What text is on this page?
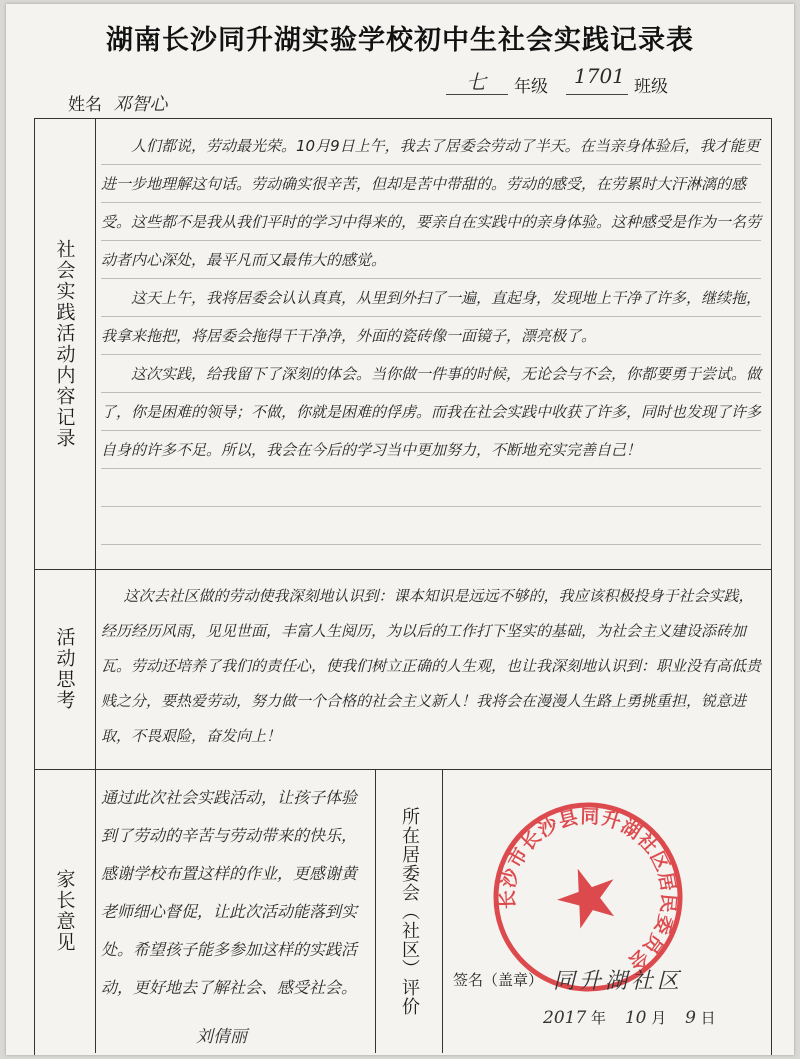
湖南长沙同升湖实验学校初中生社会实践记录表
七 年级 1701 班级
姓名 邓智心
社会实践活动内容记录

人们都说，劳动最光荣。10月9日上午，我去了居委会劳动了半天。在当亲身体验后，我才能更进一步地理解这句话。劳动确实很辛苦，但却是苦中带甜的。劳动的感受，在劳累时大汗淋漓的感受。这些都不是我从我们平时的学习中得来的，要亲自在实践中的亲身体验。这种感受是作为一名劳动者内心深处，最平凡而又最伟大的感觉。

这天上午，我将居委会认认真真，从里到外扫了一遍，直起身，发现地上干净了许多，继续拖，我拿来拖把，将居委会拖得干干净净，外面的瓷砖像一面镜子，漂亮极了。

这次实践，给我留下了深刻的体会。当你做一件事的时候，无论会与不会，你都要勇于尝试。做了，你是困难的领导；不做，你就是困难的俘虏。而我在社会实践中收获了许多，同时也发现了许多自身的许多不足。所以，我会在今后的学习当中更加努力，不断地充实完善自己！

活动思考

这次去社区做的劳动使我深刻地认识到：课本知识是远远不够的，我应该积极投身于社会实践，经历经历风雨，见见世面，丰富人生阅历，为以后的工作打下坚实的基础，为社会主义建设添砖加瓦。劳动还培养了我们的责任心，使我们树立正确的人生观，也让我深刻地认识到：职业没有高低贵贱之分，要热爱劳动，努力做一个合格的社会主义新人！我将会在漫漫人生路上勇挑重担，锐意进取，不畏艰险，奋发向上！

家长意见
通过此次社会实践活动，让孩子体验到了劳动的辛苦与劳动带来的快乐，感谢学校布置这样的作业，更感谢黄老师细心督促，让此次活动能落到实处。希望孩子能多参加这样的实践活动，更好地去了解社会、感受社会。	所在居委会（社区）评价	长沙市长沙县同升湖社区居民委员会
签名（盖章） 同升湖社区
2017 年 10 月 9 日
刘倩丽
